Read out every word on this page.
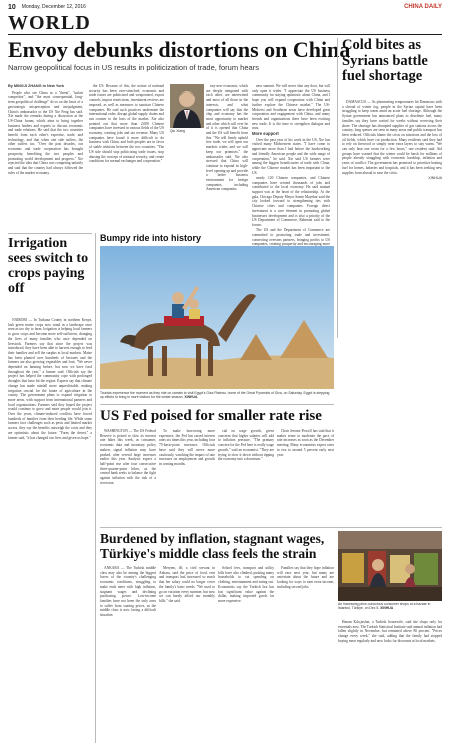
10 Monday, December 12, 2016	CHINA DAILY
WORLD
Envoy debunks distortions on China
Narrow geopolitical focus in US results in politicization of trade, forum hears
By MINGJI ZHANG in New York

People who see China as a "threat", "unfair competitor", and "the most consequential, long-term geopolitical challenge" do so on the basis of a geostrategic misperception and misjudgment, China's ambassador to the US Xie Feng has said. Xie made the remarks during a discussion at the US-China forum, which aims to bring together business leaders and experts to discuss economic and trade relations. He said that the two countries benefit from each other's expertise, trade, and technology, and that when one side suffers, the other suffers too. "Over the past decades, our economic and trade cooperation has brought prosperity, benefiting the two peoples and promoting world development and progress." Xie rejected the idea that China was competing unfairly and said that the country had always followed the rules of the market economy.

the US. Because of this, the notion of national security has been over-stretched, economic and trade issues are politicized and weaponized, export controls, import restrictions, investment reviews are imposed, as well as measures to sanction Chinese companies. He said such practices undermine the international order, disrupt global supply chains and run counter to the laws of the market. Xie also pointed out that more than 2,000 Chinese companies have invested in various fields of the US economy, creating jobs and tax revenue. Many US companies have found it more difficult to do business with China, and both peoples are in favor of stable relations between the two countries. "The US side should stop politicizing trade issues, stop abusing the concept of national security, and create conditions for normal exchanges and cooperation."

Qiu Xiang

tary new economic, which are deeply integrated with each other, are intertwined and most of all those in the interests, and what companies will say that the chip and economy has the most opportunity to market and other which will ever be of it is opened that China and the US will benefit from this. "We will firmly uphold free trade, we will open our markets wider, and we will keep our promises," the ambassador said. Xie also stressed that China will continue to expand its high-level opening up and provide a better business environment for foreign companies, including American companies.

ness summit. We will never shut any door, but will only open it wider. "I appreciate the US business community for staying optimistic about China, and I hope you will expand cooperation with China and further explore the Chinese market." The US-Midwest and Southeast areas have developed great cooperation and engagement with China, and many friends and organizations there have been exciting new trade. It is the time to strengthen dialogue and trust.

More support

Over the past year of his work in the US, Xie has visited many Midwestern states. "I have come to appreciate more than I had before the hardworking and friendly American people and the wide range of cooperation," he said. Xie said US farmers were among the biggest beneficiaries of trade with China, while the Chinese market has been important to the US.

nearly 120 Chinese companies, and Chinese companies have created thousands of jobs and contributed to the local economy. He said mutual support was at the heart of the relationship. At the gala, Chicago Deputy Mayor Samir Mayekar said the city looked forward to strengthening ties with Chinese cities and companies. Foreign direct investment is a core element in promoting global businesses development and is also a priority of the US Department of Commerce, Rahmani said to the forum.

The US and the Department of Commerce are committed to promoting trade and investment, connecting overseas partners, bringing profits to US companies, creating prosperity and encouraging more

Cold bites as Syrians battle fuel shortage

DAMASCUS — As plummeting temperatures hit Damascus with a shroud of winter fog, people in the Syrian capital have been struggling to keep warm amid an acute fuel shortage. Although the Syrian government has announced plans to distribute fuel, many families say they have waited for weeks without receiving their share. The shortage has disrupted supplies of gas stations across the country, long queues are seen in many areas and public transport has been reduced. Officials blame the crisis on sanctions and the loss of oil fields, which have cut production. Many residents said they had to rely on firewood or simply wear extra layers to stay warm. "We can only heat one room for a few hours," one resident said. Aid groups have warned that the winter could be harsh for millions of people already struggling with economic hardship, inflation and years of conflict. The government has promised to prioritize heating fuel for homes, bakeries and hospitals, and it has been seeking new supplies from abroad to ease the crisis.

XINHUA

Irrigation sees switch to crops paying off

NAIROBI — In Turkana County in northern Kenya, lush green maize crops now stand in a landscape once seen as too dry to farm. Irrigation is helping local farmers to grow crops and become more self-sufficient, changing the lives of many families who once depended on livestock. Farmers say that since the project was introduced, they have been able to harvest enough to feed their families and sell the surplus at local markets. Maize has been planted over hundreds of hectares and the farmers are also growing vegetables and fruit. "We never depended on farming before, but now we have food throughout the year," a farmer said. Officials say the project has helped the community cope with prolonged droughts that have hit the region. Experts say that climate change has made rainfall more unpredictable, making irrigation crucial for the future of agriculture in the county. The government plans to expand irrigation to more areas, with support from international partners and local organizations. Farmers said they hoped the project would continue to grow and more people would join it. Over the years, climate-induced conflicts have forced hundreds of families from their herding life. While some farmers face challenges such as pests and limited market access, they say the benefits outweigh the costs and they are optimistic about the future. "Farm the desert," a farmer said, "it has changed our lives and given us hope."

Bumpy ride into history
Tourists experience the moment as they ride on camels to visit Egypt's Giza Plateau, home of the Great Pyramids of Giza, on Saturday. Egypt is stepping up efforts to bring in more visitors for the winter season. XINHUA
US Fed poised for smaller rate rise

WASHINGTON — The US Federal Reserve is poised to slow its interest rate hikes this week, as consumer, economic data and monetary policy makers signal inflation may have peaked, after several large increases earlier this year. Analysts expect a half-point rise after four consecutive three-quarter-point hikes, as the central bank seeks to balance the fight against inflation with the risk of a recession.

To make borrowing more expensive, the Fed has raised interest rates six times this year, including four 75-basis-point increases. Officials have said they will move more cautiously, watching the impact of rate increases on employment and growth in coming months.

cial on wage growth, given concerns that higher salaries will add to inflation pressure. "The primary concern for the Fed here is really wage growth," said an economist. "They are trying to slow it down without tipping the economy into a downturn."

Chair Jerome Powell has said that it makes sense to moderate the pace of rate increases as soon as the December meeting. Many economists expect rates to rise to around 5 percent early next year.

Burdened by inflation, stagnant wages, Türkiye's middle class feels the strain

ANKARA — The Turkish middle class may also be among the biggest losers of the country's challenging economic conditions, struggling to make ends meet with high inflation, stagnant wages and declining purchasing power. Low-income families have not been the only ones to suffer from soaring prices, as the middle class is now facing a difficult situation.

Meryem, 46, a civil servant in Ankara, said the price of food, rent and transport had increased so much that her salary could no longer cover the family's basic needs. "We used to go on vacation every summer, but now we can barely afford our monthly bills," she said.

School fees, transport and utility bills have also climbed, pushing many households to cut spending on clothing, entertainment and eating out. Economists say the Turkish lira has lost significant value against the dollar, making imported goods far more expensive.

Families say that they hope inflation will ease next year, but many are uncertain about the future and are looking for ways to earn extra income, including second jobs.

An increasing price-conscious consumer shops at a bazaar in Istanbul, Türkiye, on Dec 5. XINHUA

Hanım Kılıçarslan, a Turkish housewife, said she shops only for essentials now. The Turkish Statistical Institute said annual inflation had fallen slightly in November, but remained above 80 percent. "Prices change every week," she said, adding that the family had stopped buying meat regularly and now looks for discounts at local markets.
